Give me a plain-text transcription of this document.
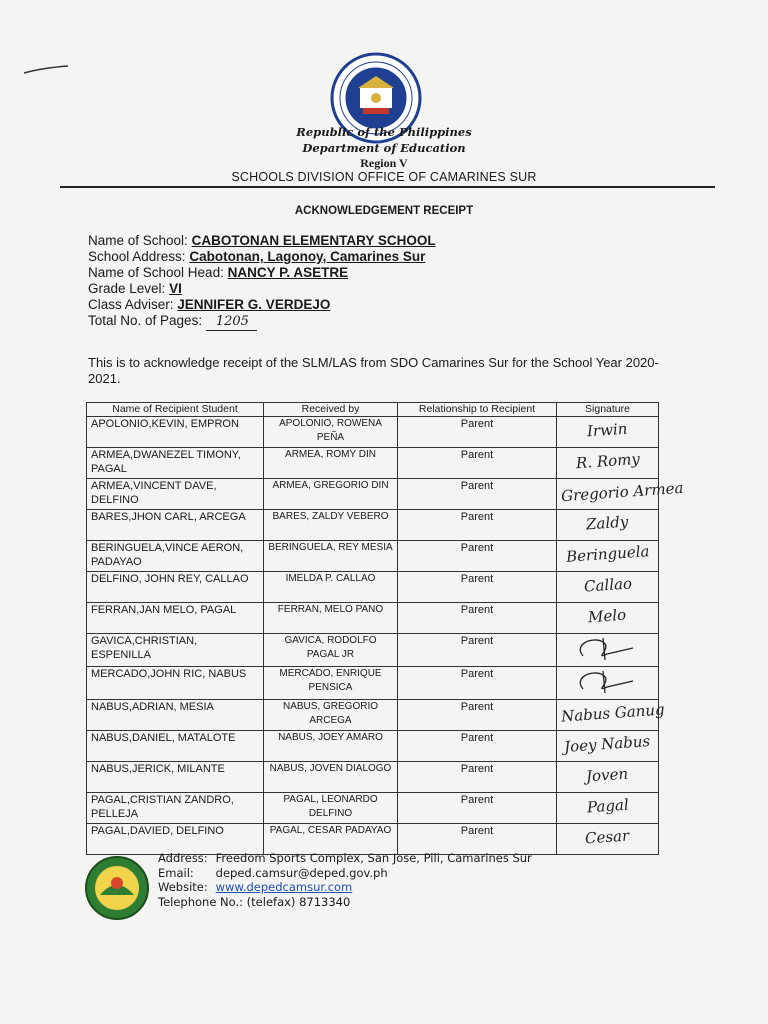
Republic of the Philippines
Department of Education
Region V
SCHOOLS DIVISION OFFICE OF CAMARINES SUR
ACKNOWLEDGEMENT RECEIPT
Name of School: CABOTONAN ELEMENTARY SCHOOL
School Address: Cabotonan, Lagonoy, Camarines Sur
Name of School Head: NANCY P. ASETRE
Grade Level: VI
Class Adviser: JENNIFER G. VERDEJO
Total No. of Pages: 1205
This is to acknowledge receipt of the SLM/LAS from SDO Camarines Sur for the School Year 2020-2021.
Name of Recipient Student	Received by	Relationship to Recipient	Signature
APOLONIO,KEVIN, EMPRON	APOLONIO, ROWENA PEÑA	Parent	Irwin
ARMEA,DWANEZEL TIMONY, PAGAL	ARMEA, ROMY DIN	Parent	R. Romy
ARMEA,VINCENT DAVE, DELFINO	ARMEA, GREGORIO DIN	Parent	Gregorio Armea
BARES,JHON CARL, ARCEGA	BARES, ZALDY VEBERO	Parent	Zaldy
BERINGUELA,VINCE AERON, PADAYAO	BERINGUELA, REY MESIA	Parent	Beringuela
DELFINO, JOHN REY, CALLAO	IMELDA P. CALLAO	Parent	Callao
FERRAN,JAN MELO, PAGAL	FERRAN, MELO PANO	Parent	Melo
GAVICA,CHRISTIAN, ESPENILLA	GAVICA, RODOLFO PAGAL JR	Parent	
MERCADO,JOHN RIC, NABUS	MERCADO, ENRIQUE PENSICA	Parent	
NABUS,ADRIAN, MESIA	NABUS, GREGORIO ARCEGA	Parent	Nabus Ganug
NABUS,DANIEL, MATALOTE	NABUS, JOEY AMARO	Parent	Joey Nabus
NABUS,JERICK, MILANTE	NABUS, JOVEN DIALOGO	Parent	Joven
PAGAL,CRISTIAN ZANDRO, PELLEJA	PAGAL, LEONARDO DELFINO	Parent	Pagal
PAGAL,DAVIED, DELFINO	PAGAL, CESAR PADAYAO	Parent	Cesar
Address: Freedom Sports Complex, San Jose, Pili, Camarines Sur
Email: deped.camsur@deped.gov.ph
Website: www.depedcamsur.com
Telephone No.: (telefax) 8713340
